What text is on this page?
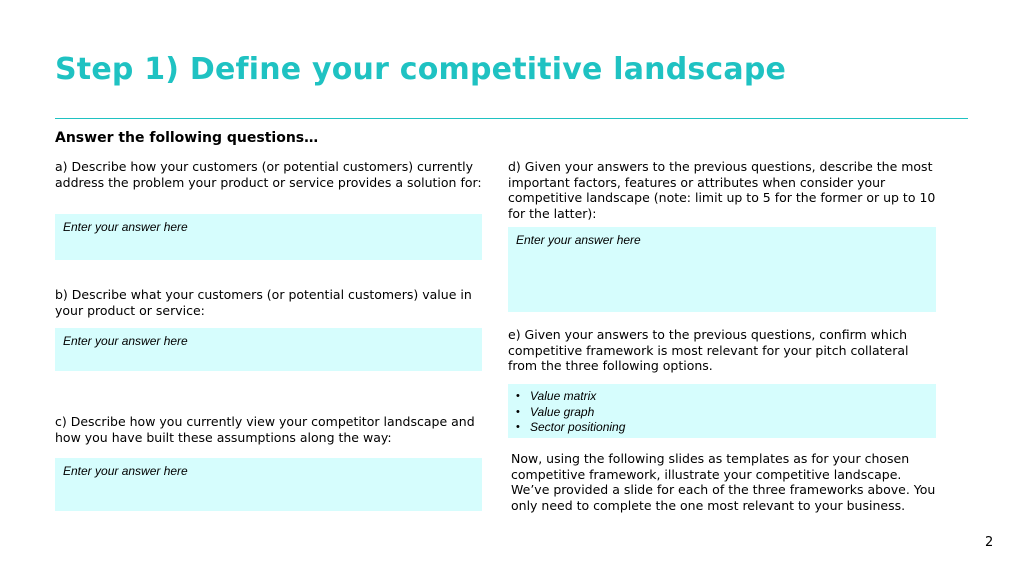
Step 1) Define your competitive landscape
Answer the following questions…

a) Describe how your customers (or potential customers) currently address the problem your product or service provides a solution for:

Enter your answer here

b) Describe what your customers (or potential customers) value in your product or service:

Enter your answer here

c) Describe how you currently view your competitor landscape and how you have built these assumptions along the way:

Enter your answer here

d) Given your answers to the previous questions, describe the most important factors, features or attributes when consider your competitive landscape (note: limit up to 5 for the former or up to 10 for the latter):

Enter your answer here

e) Given your answers to the previous questions, confirm which competitive framework is most relevant for your pitch collateral from the three following options.

• Value matrix
• Value graph
• Sector positioning
Now, using the following slides as templates as for your chosen competitive framework, illustrate your competitive landscape.
We’ve provided a slide for each of the three frameworks above. You only need to complete the one most relevant to your business.
2
